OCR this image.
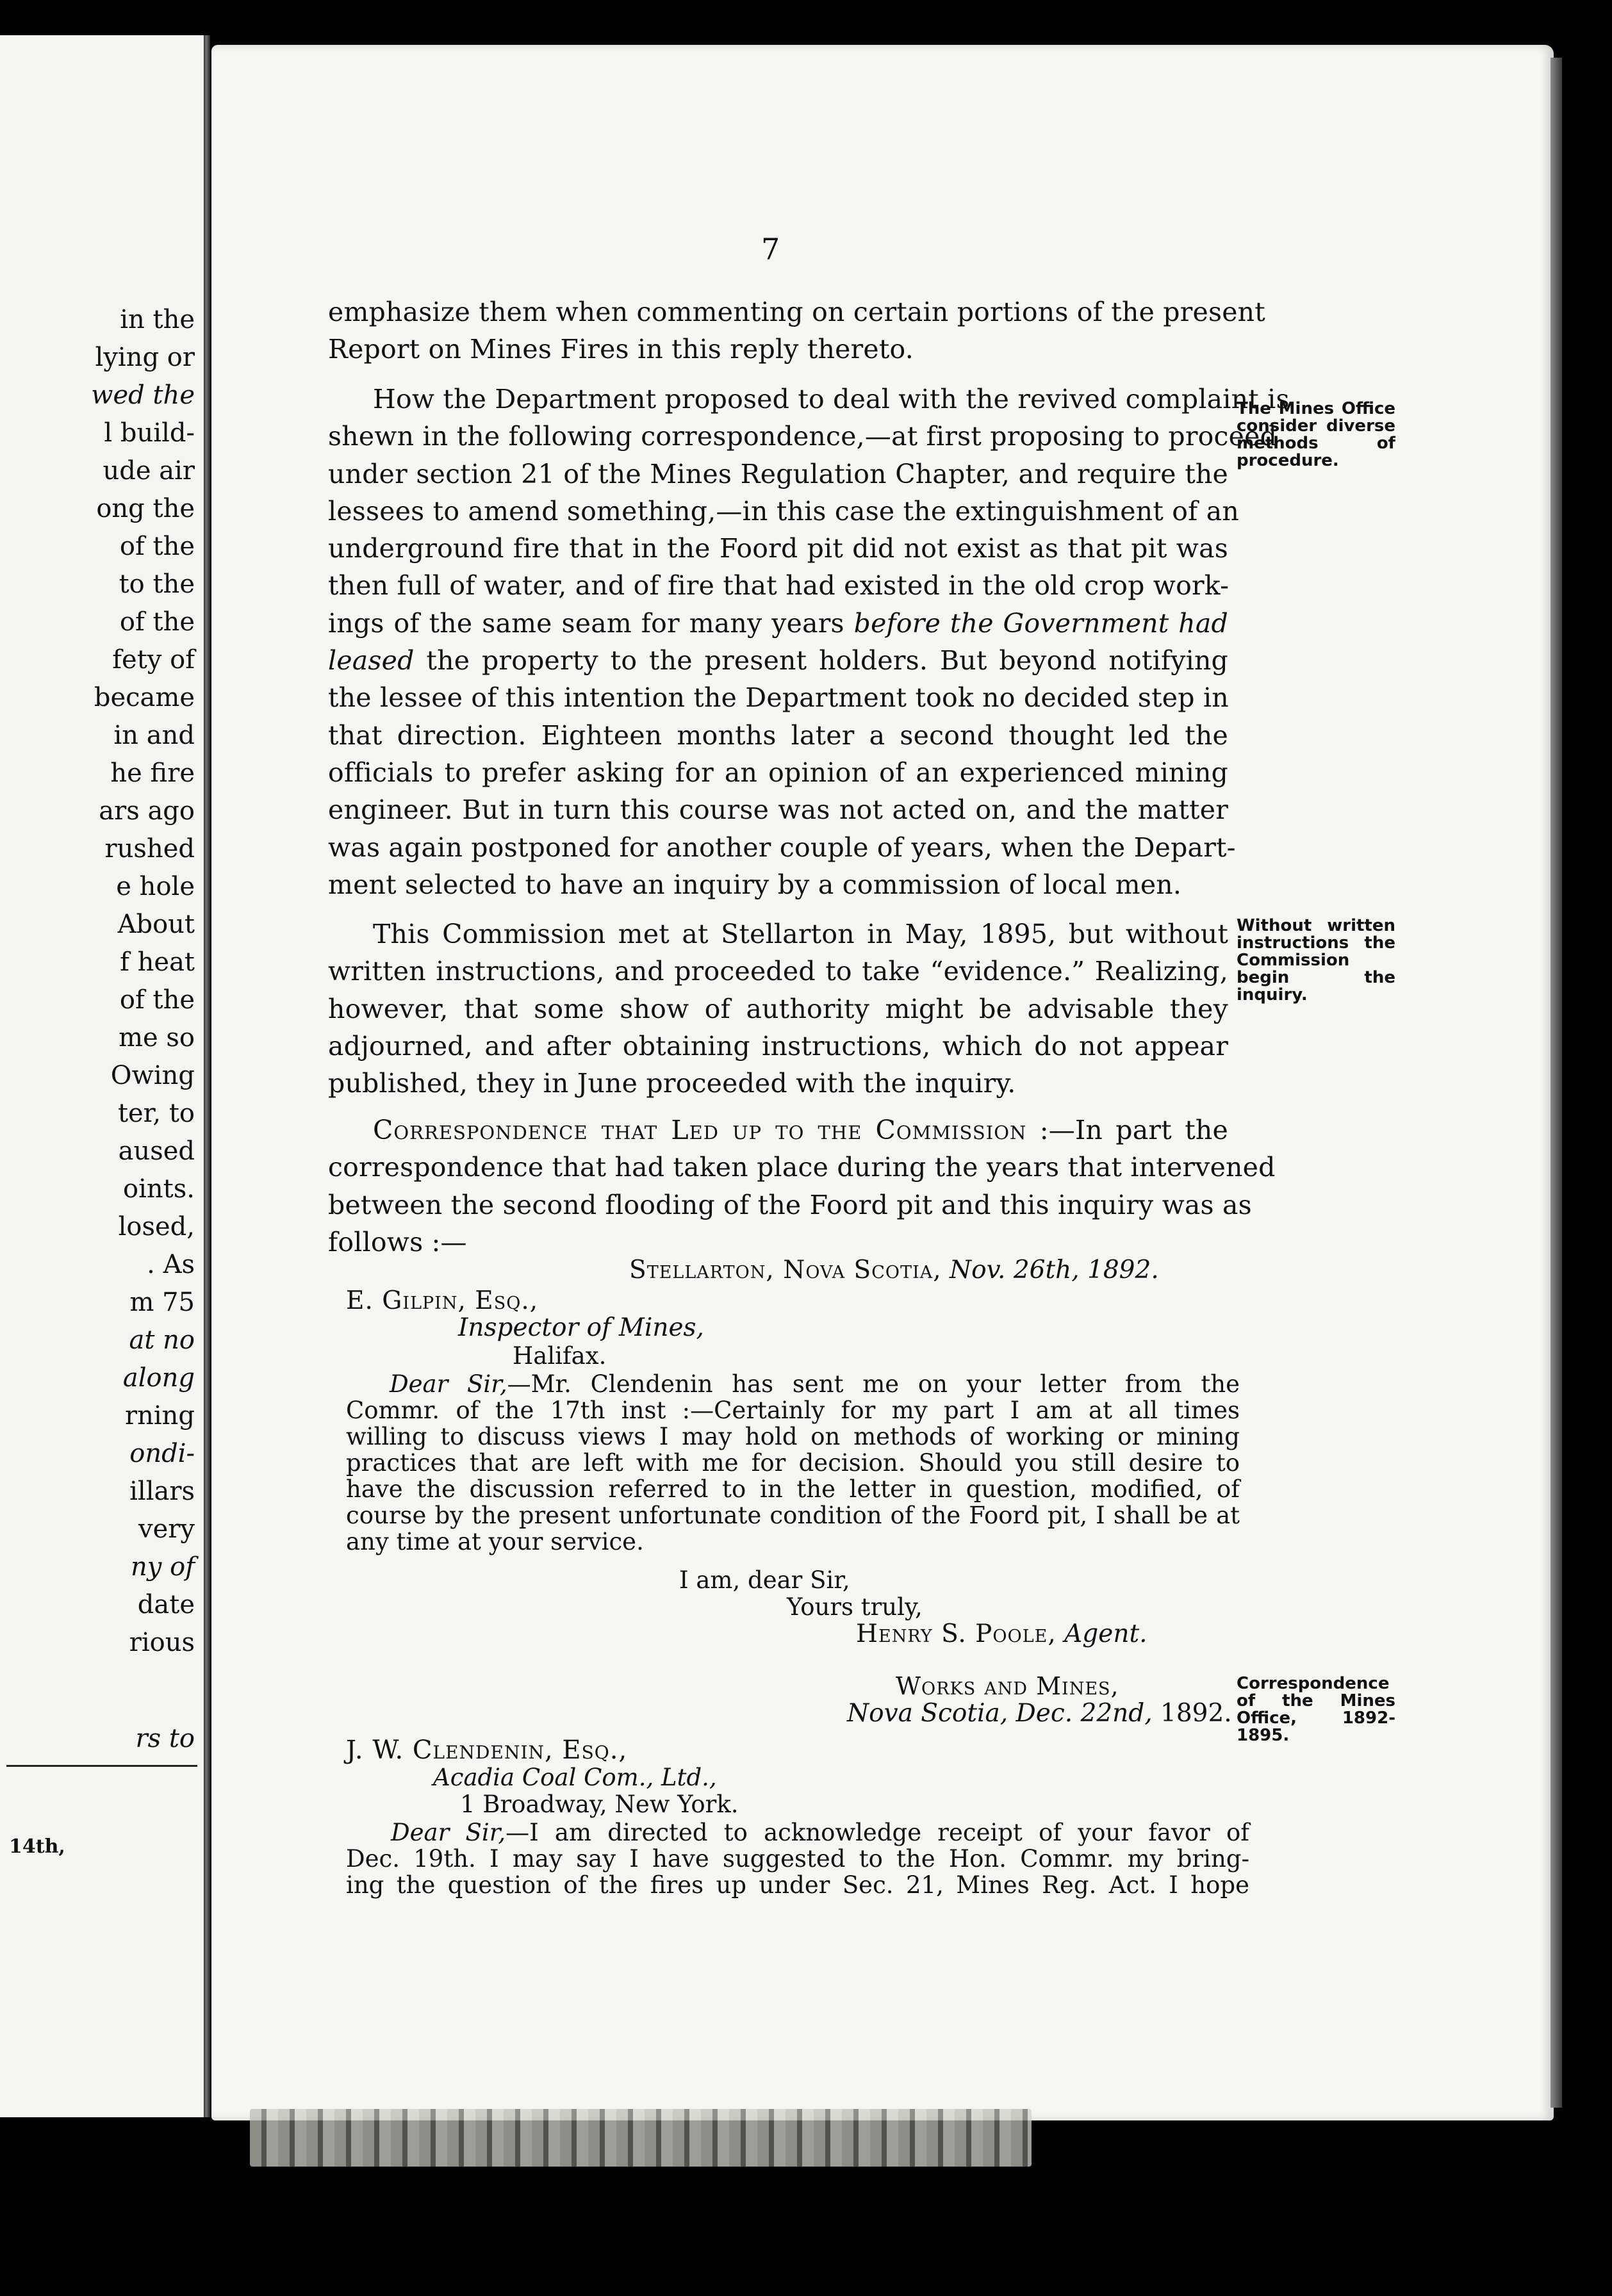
in the
lying or
wed the
l build-
ude air
ong the
of the
to the
of the
fety of
became
in and
he fire
ars ago
rushed
e hole
About
f heat
of the
me so
Owing
ter, to
aused
oints.
losed,
. As
m 75
at no
along
rning
ondi-
illars
very
ny of
date
rious
rs to
14th,
7
emphasize them when commenting on certain portions of the present
Report on Mines Fires in this reply thereto.
How the Department proposed to deal with the revived complaint is
shewn in the following correspondence,—at first proposing to proceed
under section 21 of the Mines Regulation Chapter, and require the
lessees to amend something,—in this case the extinguishment of an
underground fire that in the Foord pit did not exist as that pit was
then full of water, and of fire that had existed in the old crop work-
ings of the same seam for many years before the Government had
leased the property to the present holders. But beyond notifying
the lessee of this intention the Department took no decided step in
that direction. Eighteen months later a second thought led the
officials to prefer asking for an opinion of an experienced mining
engineer. But in turn this course was not acted on, and the matter
was again postponed for another couple of years, when the Depart-
ment selected to have an inquiry by a commission of local men.
This Commission met at Stellarton in May, 1895, but without
written instructions, and proceeded to take “evidence.” Realizing,
however, that some show of authority might be advisable they
adjourned, and after obtaining instructions, which do not appear
published, they in June proceeded with the inquiry.
Correspondence that Led up to the Commission :—In part the
correspondence that had taken place during the years that intervened
between the second flooding of the Foord pit and this inquiry was as
follows :—
The Mines Office consider diverse methods of procedure.
Without written instructions the Commission begin the inquiry.
Correspondence of the Mines Office, 1892-1895.
Stellarton, Nova Scotia, Nov. 26th, 1892.
E. Gilpin, Esq.,
Inspector of Mines,
Halifax.
Dear Sir,—Mr. Clendenin has sent me on your letter from the
Commr. of the 17th inst :—Certainly for my part I am at all times
willing to discuss views I may hold on methods of working or mining
practices that are left with me for decision. Should you still desire to
have the discussion referred to in the letter in question, modified, of
course by the present unfortunate condition of the Foord pit, I shall be at
any time at your service.
I am, dear Sir,
Yours truly,
Henry S. Poole, Agent.
Works and Mines,
Nova Scotia, Dec. 22nd, 1892.
J. W. Clendenin, Esq.,
Acadia Coal Com., Ltd.,
1 Broadway, New York.
Dear Sir,—I am directed to acknowledge receipt of your favor of
Dec. 19th. I may say I have suggested to the Hon. Commr. my bring-
ing the question of the fires up under Sec. 21, Mines Reg. Act. I hope
